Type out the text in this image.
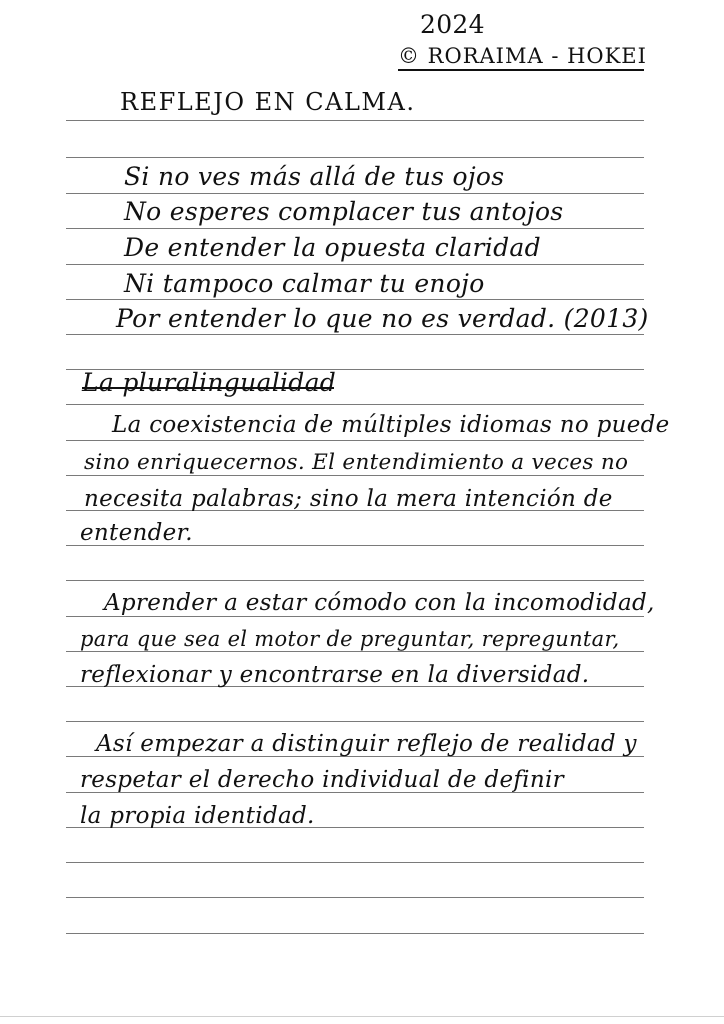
2024
© RORAIMA - HOKEI
REFLEJO EN CALMA.
Si no ves más allá de tus ojos
No esperes complacer tus antojos
De entender la opuesta claridad
Ni tampoco calmar tu enojo
Por entender lo que no es verdad. (2013)
La pluralingualidad
La coexistencia de múltiples idiomas no puede
sino enriquecernos. El entendimiento a veces no
necesita palabras; sino la mera intención de
entender.
Aprender a estar cómodo con la incomodidad,
para que sea el motor de preguntar, repreguntar,
reflexionar y encontrarse en la diversidad.
Así empezar a distinguir reflejo de realidad y
respetar el derecho individual de definir
la propia identidad.
